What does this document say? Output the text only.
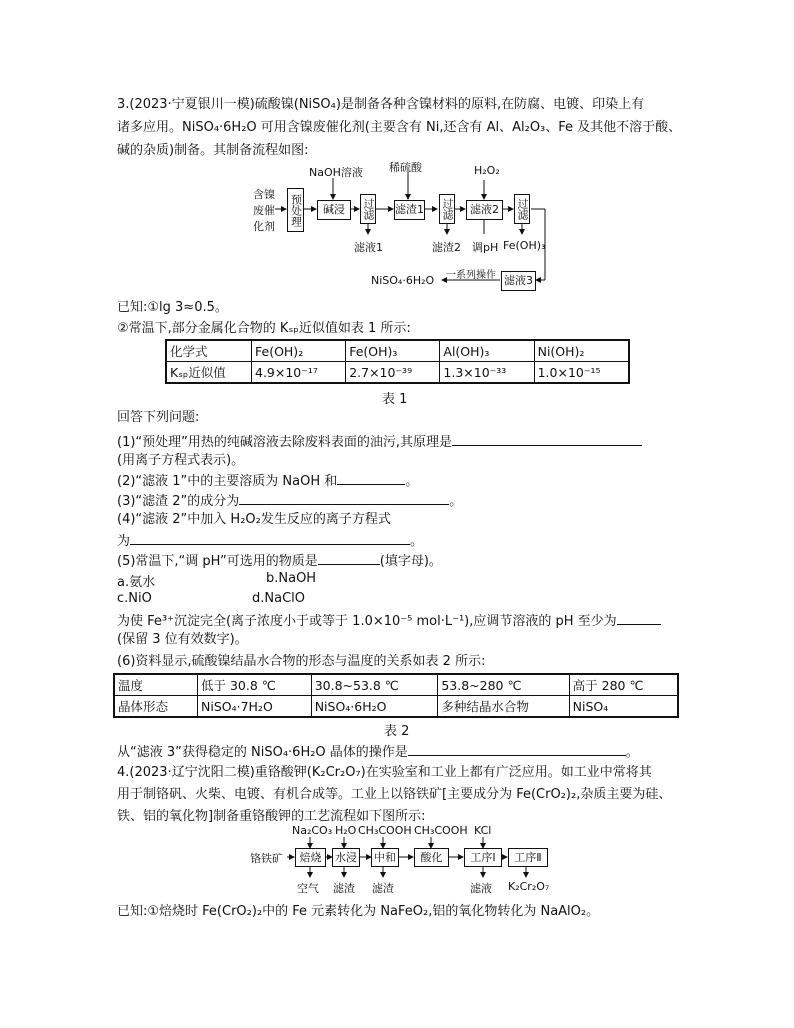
3.(2023·宁夏银川一模)硫酸镍(NiSO₄)是制备各种含镍材料的原料,在防腐、电镀、印染上有
诸多应用。NiSO₄·6H₂O 可用含镍废催化剂(主要含有 Ni,还含有 Al、Al₂O₃、Fe 及其他不溶于酸、
碱的杂质)制备。其制备流程如图:
含镍
废催
化剂 预处理
NaOH溶液
碱浸 过滤
滤液1
稀硫酸
滤渣1 过滤
滤渣2
H₂O₂
滤液2
调pH
过滤
Fe(OH)₃
滤液3
一系列操作
NiSO₄·6H₂O
已知:①lg 3≈0.5。
②常温下,部分金属化合物的 Kₛₚ近似值如表 1 所示:
化学式	Fe(OH)₂	Fe(OH)₃	Al(OH)₃	Ni(OH)₂
Kₛₚ近似值	4.9×10⁻¹⁷	2.7×10⁻³⁹	1.3×10⁻³³	1.0×10⁻¹⁵
表 1
回答下列问题:
(1)“预处理”用热的纯碱溶液去除废料表面的油污,其原理是
(用离子方程式表示)。
(2)“滤液 1”中的主要溶质为 NaOH 和	。
(3)“滤渣 2”的成分为	。
(4)“滤液 2”中加入 H₂O₂发生反应的离子方程式
为	。
(5)常温下,“调 pH”可选用的物质是	(填字母)。
a.氨水	b.NaOH
c.NiO	d.NaClO
为使 Fe³⁺沉淀完全(离子浓度小于或等于 1.0×10⁻⁵ mol·L⁻¹),应调节溶液的 pH 至少为
(保留 3 位有效数字)。
(6)资料显示,硫酸镍结晶水合物的形态与温度的关系如表 2 所示:
温度	低于 30.8 ℃	30.8~53.8 ℃	53.8~280 ℃	高于 280 ℃
晶体形态	NiSO₄·7H₂O	NiSO₄·6H₂O	多种结晶水合物	NiSO₄
表 2
从“滤液 3”获得稳定的 NiSO₄·6H₂O 晶体的操作是	。
4.(2023·辽宁沈阳二模)重铬酸钾(K₂Cr₂O₇)在实验室和工业上都有广泛应用。如工业中常将其
用于制铬矾、火柴、电镀、有机合成等。工业上以铬铁矿[主要成分为 Fe(CrO₂)₂,杂质主要为硅、
铁、铝的氧化物]制备重铬酸钾的工艺流程如下图所示:
铬铁矿
Na₂CO₃ H₂O CH₃COOH CH₃COOH KCl
焙烧 水浸 中和 酸化	工序Ⅰ 工序Ⅱ
空气 滤渣 滤渣	滤液 K₂Cr₂O₇
已知:①焙烧时 Fe(CrO₂)₂中的 Fe 元素转化为 NaFeO₂,铝的氧化物转化为 NaAlO₂。
